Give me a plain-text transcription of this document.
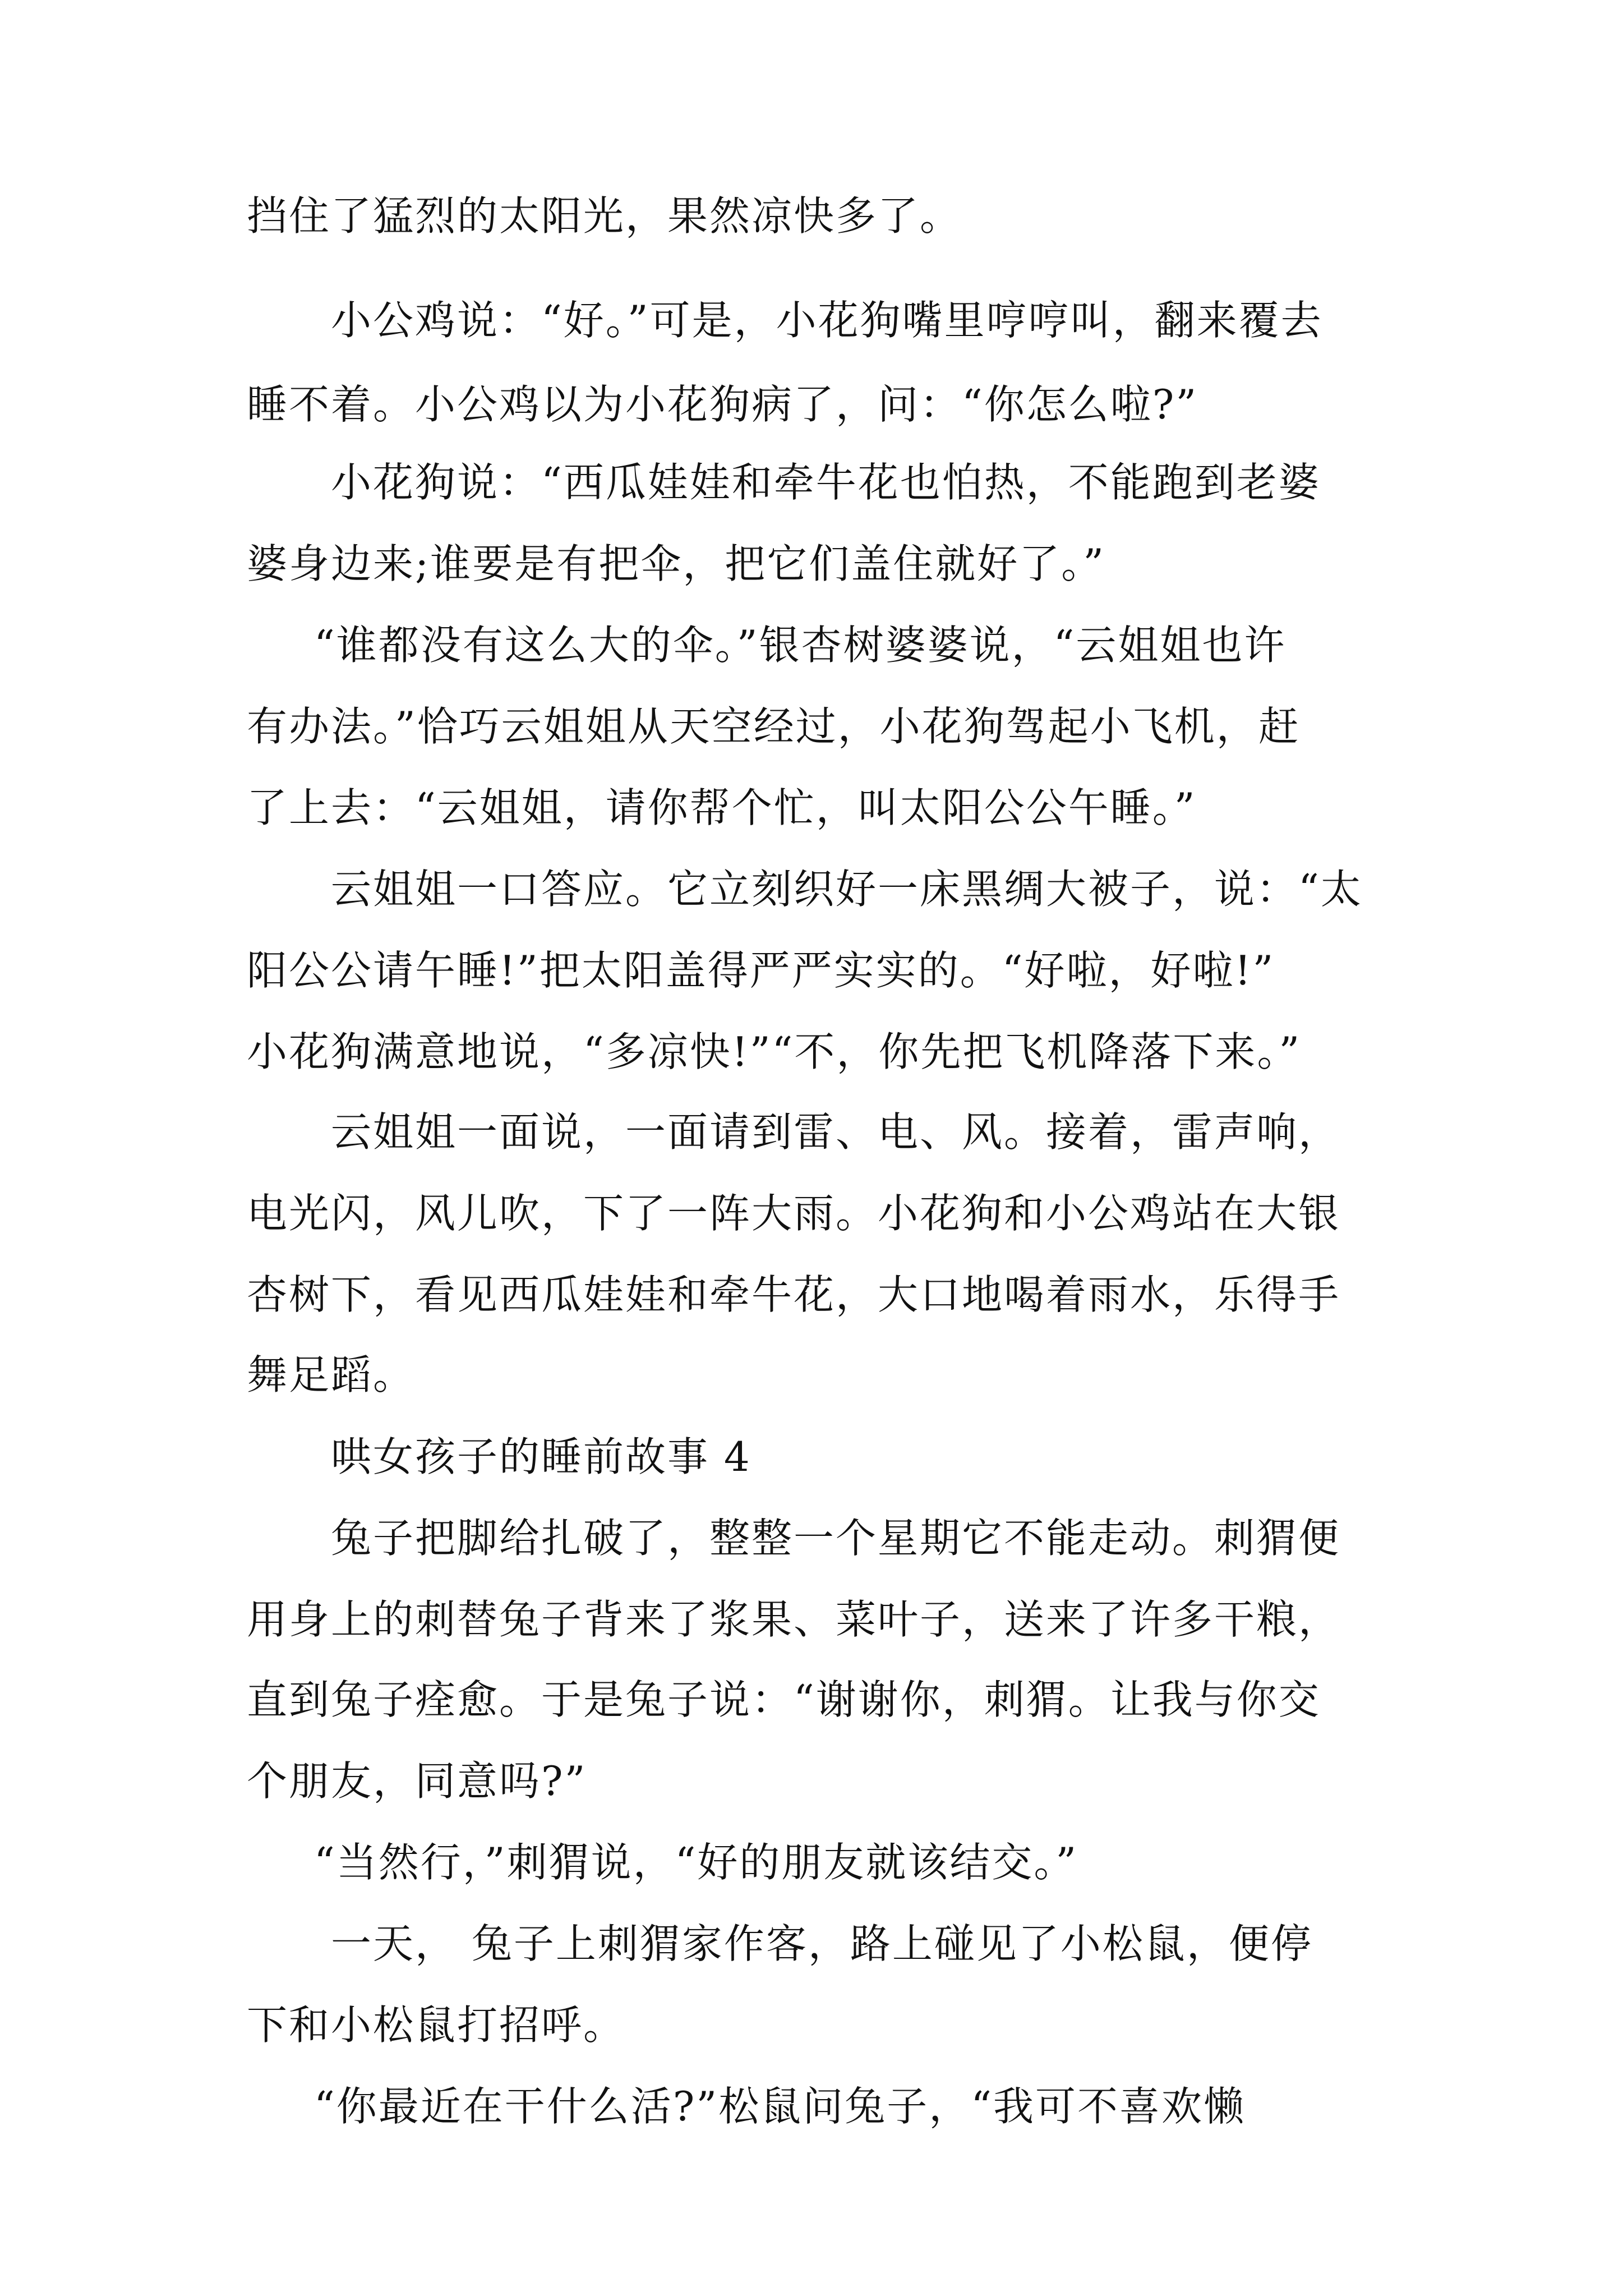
挡住了猛烈的太阳光，果然凉快多了。
小公鸡说：“好。”可是，小花狗嘴里哼哼叫，翻来覆去
睡不着。小公鸡以为小花狗病了，问：“你怎么啦?”
小花狗说：“西瓜娃娃和牵牛花也怕热，不能跑到老婆
婆身边来;谁要是有把伞，把它们盖住就好了。”
“谁都没有这么大的伞。”银杏树婆婆说，“云姐姐也许
有办法。”恰巧云姐姐从天空经过，小花狗驾起小飞机，赶
了上去：“云姐姐，请你帮个忙，叫太阳公公午睡。”
云姐姐一口答应。它立刻织好一床黑绸大被子，说：“太
阳公公请午睡!”把太阳盖得严严实实的。“好啦，好啦!”
小花狗满意地说，“多凉快!”“不，你先把飞机降落下来。”
云姐姐一面说，一面请到雷、电、风。接着，雷声响，
电光闪，风儿吹，下了一阵大雨。小花狗和小公鸡站在大银
杏树下，看见西瓜娃娃和牵牛花，大口地喝着雨水，乐得手
舞足蹈。
哄女孩子的睡前故事 4
兔子把脚给扎破了，整整一个星期它不能走动。刺猬便
用身上的刺替兔子背来了浆果、菜叶子，送来了许多干粮，
直到兔子痊愈。于是兔子说：“谢谢你，刺猬。让我与你交
个朋友，同意吗?”
“当然行，”刺猬说，“好的朋友就该结交。”
一天， 兔子上刺猬家作客，路上碰见了小松鼠，便停
下和小松鼠打招呼。
“你最近在干什么活?”松鼠问兔子，“我可不喜欢懒
